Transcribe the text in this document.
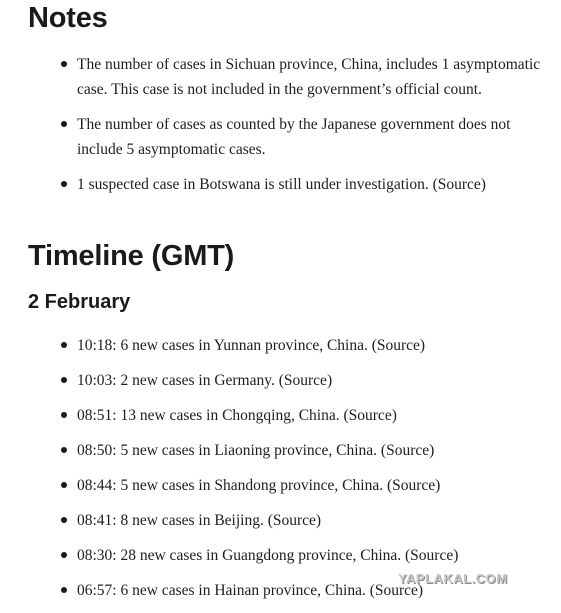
Notes
The number of cases in Sichuan province, China, includes 1 asymptomatic case. This case is not included in the government’s official count.
The number of cases as counted by the Japanese government does not include 5 asymptomatic cases.
1 suspected case in Botswana is still under investigation. (Source)
Timeline (GMT)
2 February
10:18: 6 new cases in Yunnan province, China. (Source)
10:03: 2 new cases in Germany. (Source)
08:51: 13 new cases in Chongqing, China. (Source)
08:50: 5 new cases in Liaoning province, China. (Source)
08:44: 5 new cases in Shandong province, China. (Source)
08:41: 8 new cases in Beijing. (Source)
08:30: 28 new cases in Guangdong province, China. (Source)
06:57: 6 new cases in Hainan province, China. (Source)
YAPLAKAL.COM
